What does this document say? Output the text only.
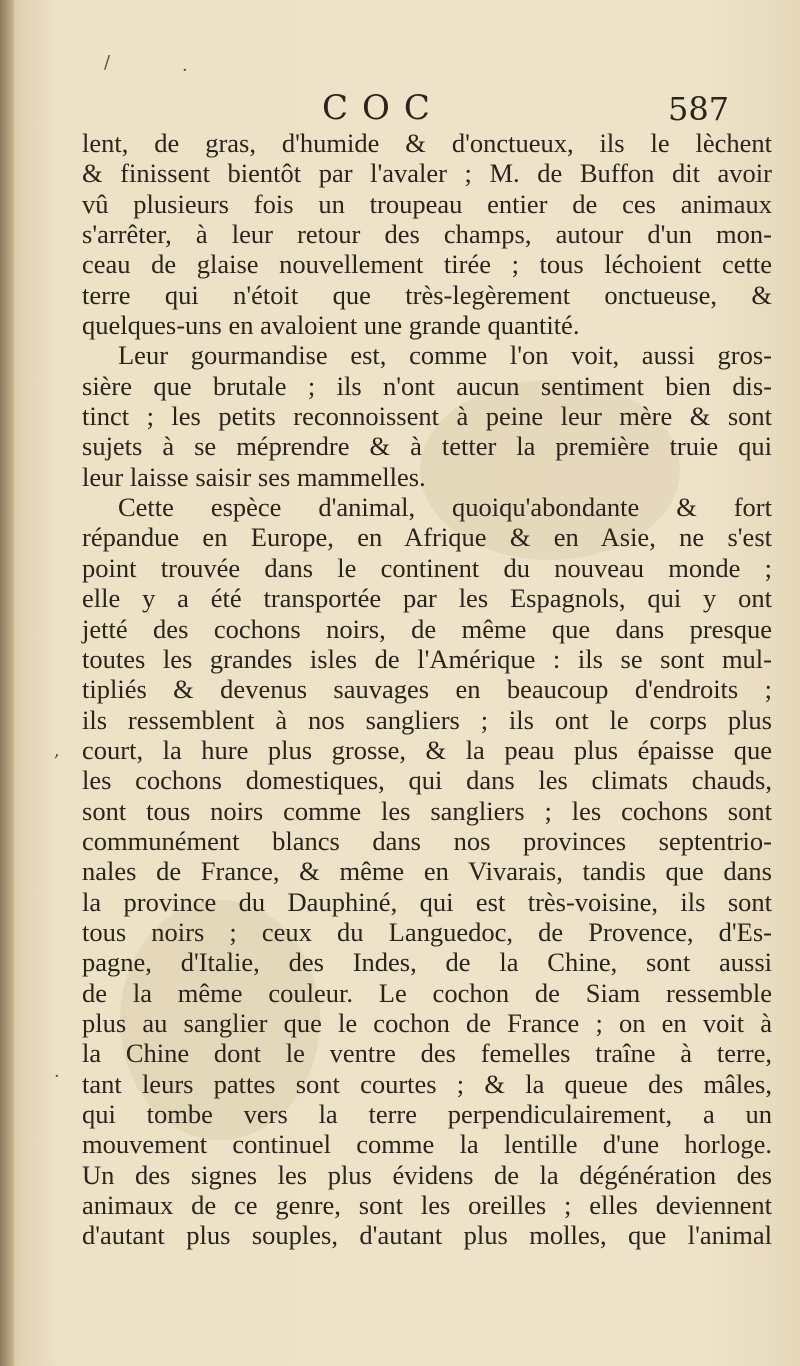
/	·
·
,
COC	587
lent, de gras, d'humide & d'onctueux, ils le lèchent
& finissent bientôt par l'avaler ; M. de Buffon dit avoir
vû plusieurs fois un troupeau entier de ces animaux
s'arrêter, à leur retour des champs, autour d'un mon-
ceau de glaise nouvellement tirée ; tous léchoient cette
terre qui n'étoit que très-legèrement onctueuse, &
quelques-uns en avaloient une grande quantité.
Leur gourmandise est, comme l'on voit, aussi gros-
sière que brutale ; ils n'ont aucun sentiment bien dis-
tinct ; les petits reconnoissent à peine leur mère & sont
sujets à se méprendre & à tetter la première truie qui
leur laisse saisir ses mammelles.
Cette espèce d'animal, quoiqu'abondante & fort
répandue en Europe, en Afrique & en Asie, ne s'est
point trouvée dans le continent du nouveau monde ;
elle y a été transportée par les Espagnols, qui y ont
jetté des cochons noirs, de même que dans presque
toutes les grandes isles de l'Amérique : ils se sont mul-
tipliés & devenus sauvages en beaucoup d'endroits ;
ils ressemblent à nos sangliers ; ils ont le corps plus
court, la hure plus grosse, & la peau plus épaisse que
les cochons domestiques, qui dans les climats chauds,
sont tous noirs comme les sangliers ; les cochons sont
communément blancs dans nos provinces septentrio-
nales de France, & même en Vivarais, tandis que dans
la province du Dauphiné, qui est très-voisine, ils sont
tous noirs ; ceux du Languedoc, de Provence, d'Es-
pagne, d'Italie, des Indes, de la Chine, sont aussi
de la même couleur. Le cochon de Siam ressemble
plus au sanglier que le cochon de France ; on en voit à
la Chine dont le ventre des femelles traîne à terre,
tant leurs pattes sont courtes ; & la queue des mâles,
qui tombe vers la terre perpendiculairement, a un
mouvement continuel comme la lentille d'une horloge.
Un des signes les plus évidens de la dégénération des
animaux de ce genre, sont les oreilles ; elles deviennent
d'autant plus souples, d'autant plus molles, que l'animal
